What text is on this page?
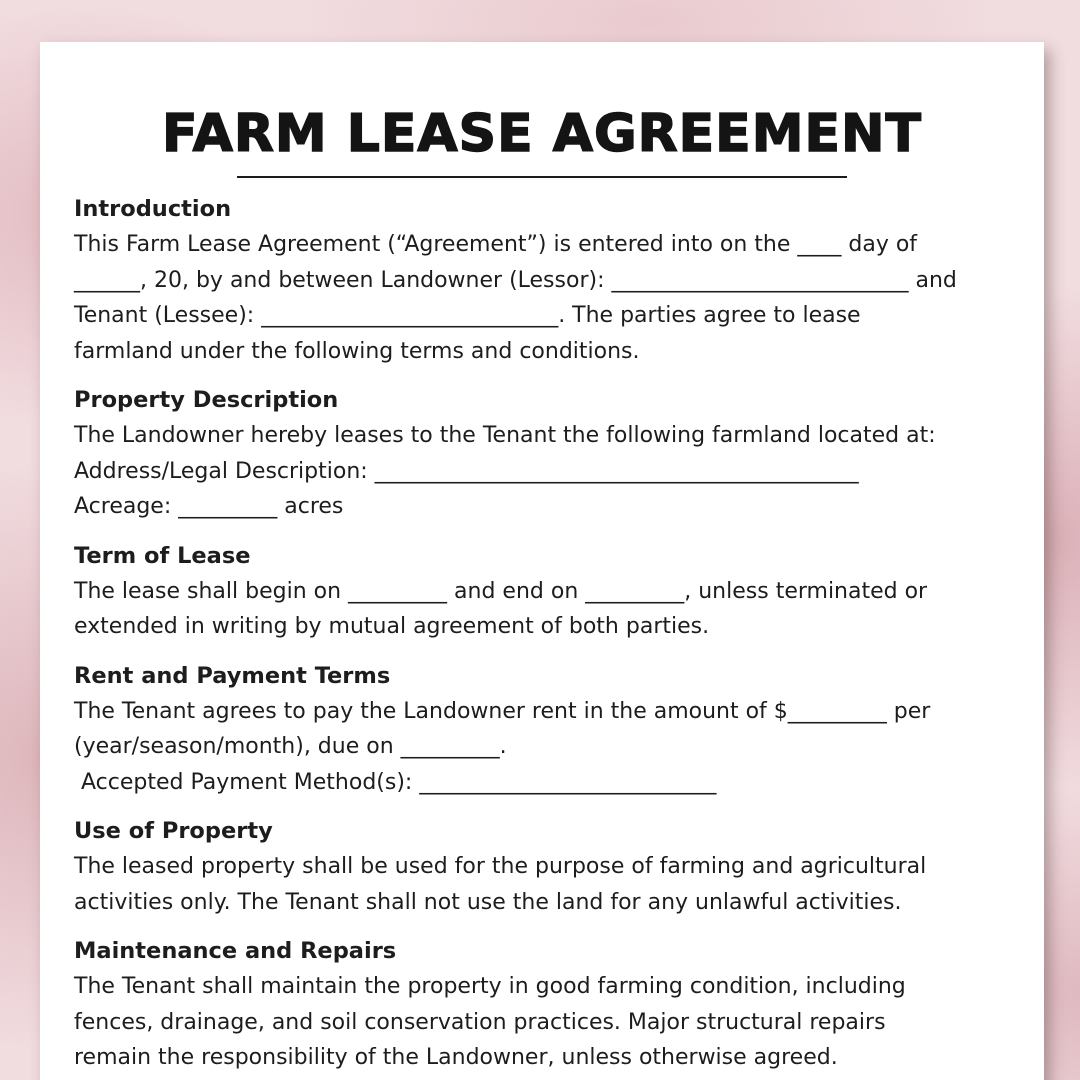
FARM LEASE AGREEMENT

Introduction

This Farm Lease Agreement (“Agreement”) is entered into on the ____ day of
______, 20, by and between Landowner (Lessor): ___________________________ and
Tenant (Lessee): ___________________________. The parties agree to lease
farmland under the following terms and conditions.

Property Description

The Landowner hereby leases to the Tenant the following farmland located at:
Address/Legal Description: ____________________________________________
Acreage: _________ acres

Term of Lease

The lease shall begin on _________ and end on _________, unless terminated or
extended in writing by mutual agreement of both parties.

Rent and Payment Terms

The Tenant agrees to pay the Landowner rent in the amount of $_________ per
(year/season/month), due on _________.
Accepted Payment Method(s): ___________________________

Use of Property

The leased property shall be used for the purpose of farming and agricultural
activities only. The Tenant shall not use the land for any unlawful activities.

Maintenance and Repairs

The Tenant shall maintain the property in good farming condition, including
fences, drainage, and soil conservation practices. Major structural repairs
remain the responsibility of the Landowner, unless otherwise agreed.
